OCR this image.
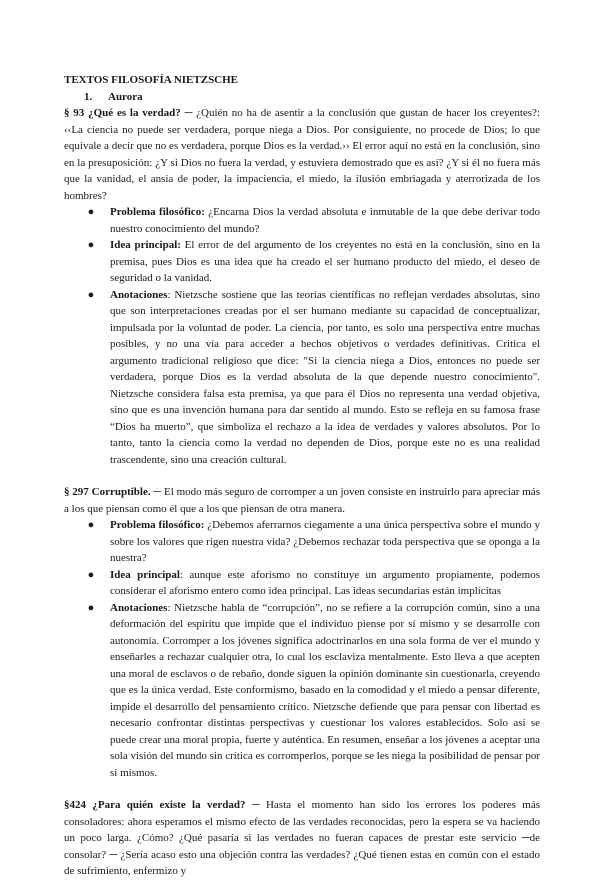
TEXTOS FILOSOFÍA NIETZSCHE

1. Aurora

§ 93 ¿Qué es la verdad? ─ ¿Quién no ha de asentir a la conclusión que gustan de hacer los creyentes?: ‹‹La ciencia no puede ser verdadera, porque niega a Dios. Por consiguiente, no procede de Dios; lo que equivale a decir que no es verdadera, porque Dios es la verdad.›› El error aquí no está en la conclusión, sino en la presuposición: ¿Y si Dios no fuera la verdad, y estuviera demostrado que es así? ¿Y si él no fuera más que la vanidad, el ansia de poder, la impaciencia, el miedo, la ilusión embriagada y aterrorizada de los hombres?

● Problema filosófico: ¿Encarna Dios la verdad absoluta e inmutable de la que debe derivar todo nuestro conocimiento del mundo?
● Idea principal: El error de del argumento de los creyentes no está en la conclusión, sino en la premisa, pues Dios es una idea que ha creado el ser humano producto del miedo, el deseo de seguridad o la vanidad.
● Anotaciones: Nietzsche sostiene que las teorías científicas no reflejan verdades absolutas, sino que son interpretaciones creadas por el ser humano mediante su capacidad de conceptualizar, impulsada por la voluntad de poder. La ciencia, por tanto, es solo una perspectiva entre muchas posibles, y no una vía para acceder a hechos objetivos o verdades definitivas. Critica el argumento tradicional religioso que dice: "Si la ciencia niega a Dios, entonces no puede ser verdadera, porque Dios es la verdad absoluta de la que depende nuestro conocimiento". Nietzsche considera falsa esta premisa, ya que para él Dios no representa una verdad objetiva, sino que es una invención humana para dar sentido al mundo. Esto se refleja en su famosa frase “Dios ha muerto”, que simboliza el rechazo a la idea de verdades y valores absolutos. Por lo tanto, tanto la ciencia como la verdad no dependen de Dios, porque este no es una realidad trascendente, sino una creación cultural.

§ 297 Corruptible. ─ El modo más seguro de corromper a un joven consiste en instruirlo para apreciar más a los que piensan como él que a los que piensan de otra manera.

● Problema filosófico: ¿Debemos aferrarnos ciegamente a una única perspectiva sobre el mundo y sobre los valores que rigen nuestra vida? ¿Debemos rechazar toda perspectiva que se oponga a la nuestra?
● Idea principal: aunque este aforismo no constituye un argumento propiamente, podemos considerar el aforismo entero como idea principal. Las ideas secundarias están implícitas
● Anotaciones: Nietzsche habla de “corrupción”, no se refiere a la corrupción común, sino a una deformación del espíritu que impide que el individuo piense por sí mismo y se desarrolle con autonomía. Corromper a los jóvenes significa adoctrinarlos en una sola forma de ver el mundo y enseñarles a rechazar cualquier otra, lo cual los esclaviza mentalmente. Esto lleva a que acepten una moral de esclavos o de rebaño, donde siguen la opinión dominante sin cuestionarla, creyendo que es la única verdad. Este conformismo, basado en la comodidad y el miedo a pensar diferente, impide el desarrollo del pensamiento crítico. Nietzsche defiende que para pensar con libertad es necesario confrontar distintas perspectivas y cuestionar los valores establecidos. Solo así se puede crear una moral propia, fuerte y auténtica. En resumen, enseñar a los jóvenes a aceptar una sola visión del mundo sin crítica es corromperlos, porque se les niega la posibilidad de pensar por sí mismos.

§424 ¿Para quién existe la verdad? ─ Hasta el momento han sido los errores los poderes más consoladores: ahora esperamos el mismo efecto de las verdades reconocidas, pero la espera se va haciendo un poco larga. ¿Cómo? ¿Qué pasaría si las verdades no fueran capaces de prestar este servicio ─de consolar? ─ ¿Sería acaso esto una objeción contra las verdades? ¿Qué tienen estas en común con el estado de sufrimiento, enfermizo y
